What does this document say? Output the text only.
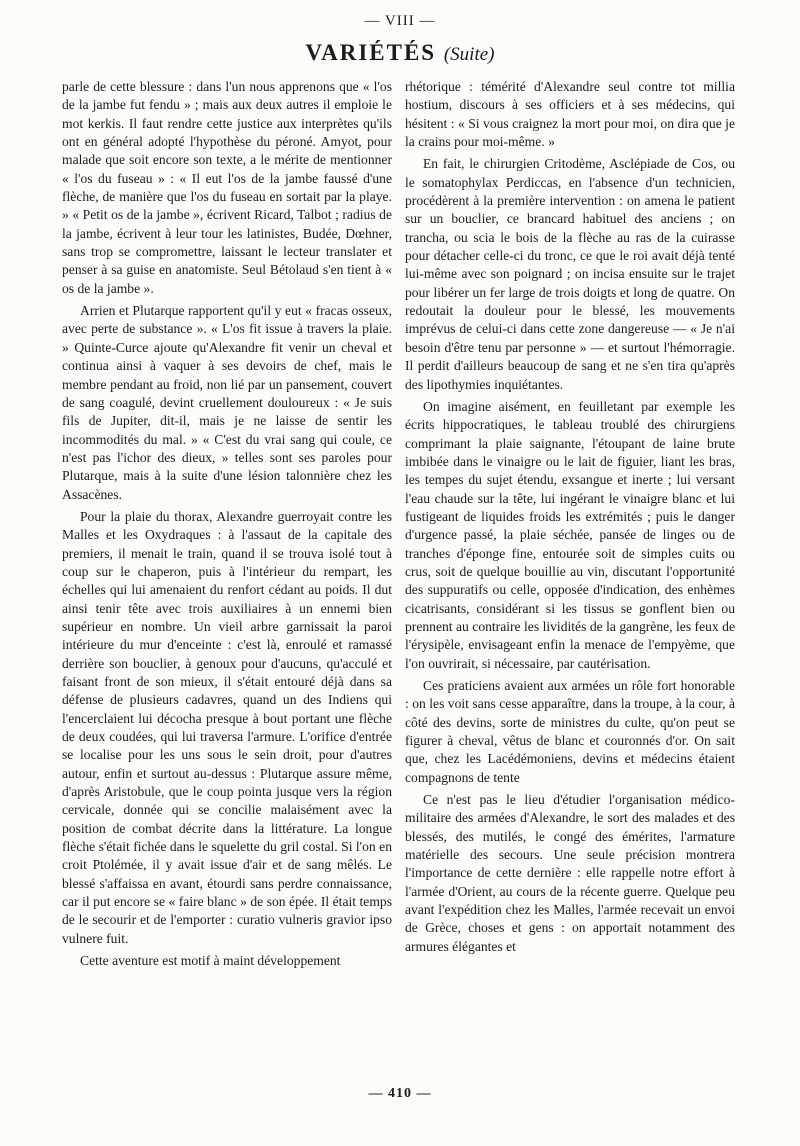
— VIII —
VARIÉTÉS (Suite)

parle de cette blessure : dans l'un nous apprenons que « l'os de la jambe fut fendu » ; mais aux deux autres il emploie le mot kerkis. Il faut rendre cette justice aux interprètes qu'ils ont en général adopté l'hypothèse du péroné. Amyot, pour malade que soit encore son texte, a le mérite de mentionner « l'os du fuseau » : « Il eut l'os de la jambe faussé d'une flèche, de manière que l'os du fuseau en sortait par la playe. » « Petit os de la jambe », écrivent Ricard, Talbot ; radius de la jambe, écrivent à leur tour les latinistes, Budée, Dœhner, sans trop se compromettre, laissant le lecteur translater et penser à sa guise en anatomiste. Seul Bétolaud s'en tient à « os de la jambe ».

Arrien et Plutarque rapportent qu'il y eut « fracas osseux, avec perte de substance ». « L'os fit issue à travers la plaie. » Quinte-Curce ajoute qu'Alexandre fit venir un cheval et continua ainsi à vaquer à ses devoirs de chef, mais le membre pendant au froid, non lié par un pansement, couvert de sang coagulé, devint cruellement douloureux : « Je suis fils de Jupiter, dit-il, mais je ne laisse de sentir les incommodités du mal. » « C'est du vrai sang qui coule, ce n'est pas l'ichor des dieux, » telles sont ses paroles pour Plutarque, mais à la suite d'une lésion talonnière chez les Assacènes.

Pour la plaie du thorax, Alexandre guerroyait contre les Malles et les Oxydraques : à l'assaut de la capitale des premiers, il menait le train, quand il se trouva isolé tout à coup sur le chaperon, puis à l'intérieur du rempart, les échelles qui lui amenaient du renfort cédant au poids. Il dut ainsi tenir tête avec trois auxiliaires à un ennemi bien supérieur en nombre. Un vieil arbre garnissait la paroi intérieure du mur d'enceinte : c'est là, enroulé et ramassé derrière son bouclier, à genoux pour d'aucuns, qu'acculé et faisant front de son mieux, il s'était entouré déjà dans sa défense de plusieurs cadavres, quand un des Indiens qui l'encerclaient lui décocha presque à bout portant une flèche de deux coudées, qui lui traversa l'armure. L'orifice d'entrée se localise pour les uns sous le sein droit, pour d'autres autour, enfin et surtout au-dessus : Plutarque assure même, d'après Aristobule, que le coup pointa jusque vers la région cervicale, donnée qui se concilie malaisément avec la position de combat décrite dans la littérature. La longue flèche s'était fichée dans le squelette du gril costal. Si l'on en croit Ptolémée, il y avait issue d'air et de sang mêlés. Le blessé s'affaissa en avant, étourdi sans perdre connaissance, car il put encore se « faire blanc » de son épée. Il était temps de le secourir et de l'emporter : curatio vulneris gravior ipso vulnere fuit.

Cette aventure est motif à maint développement

rhétorique : témérité d'Alexandre seul contre tot millia hostium, discours à ses officiers et à ses médecins, qui hésitent : « Si vous craignez la mort pour moi, on dira que je la crains pour moi-même. »

En fait, le chirurgien Critodème, Asclépiade de Cos, ou le somatophylax Perdiccas, en l'absence d'un technicien, procédèrent à la première intervention : on amena le patient sur un bouclier, ce brancard habituel des anciens ; on trancha, ou scia le bois de la flèche au ras de la cuirasse pour détacher celle-ci du tronc, ce que le roi avait déjà tenté lui-même avec son poignard ; on incisa ensuite sur le trajet pour libérer un fer large de trois doigts et long de quatre. On redoutait la douleur pour le blessé, les mouvements imprévus de celui-ci dans cette zone dangereuse — « Je n'ai besoin d'être tenu par personne » — et surtout l'hémorragie. Il perdit d'ailleurs beaucoup de sang et ne s'en tira qu'après des lipothymies inquiétantes.

On imagine aisément, en feuilletant par exemple les écrits hippocratiques, le tableau troublé des chirurgiens comprimant la plaie saignante, l'étoupant de laine brute imbibée dans le vinaigre ou le lait de figuier, liant les bras, les tempes du sujet étendu, exsangue et inerte ; lui versant l'eau chaude sur la tête, lui ingérant le vinaigre blanc et lui fustigeant de liquides froids les extrémités ; puis le danger d'urgence passé, la plaie séchée, pansée de linges ou de tranches d'éponge fine, entourée soit de simples cuits ou crus, soit de quelque bouillie au vin, discutant l'opportunité des suppuratifs ou celle, opposée d'indication, des enhèmes cicatrisants, considérant si les tissus se gonflent bien ou prennent au contraire les lividités de la gangrène, les feux de l'érysipèle, envisageant enfin la menace de l'empyème, que l'on ouvrirait, si nécessaire, par cautérisation.

Ces praticiens avaient aux armées un rôle fort honorable : on les voit sans cesse apparaître, dans la troupe, à la cour, à côté des devins, sorte de ministres du culte, qu'on peut se figurer à cheval, vêtus de blanc et couronnés d'or. On sait que, chez les Lacédémoniens, devins et médecins étaient compagnons de tente

Ce n'est pas le lieu d'étudier l'organisation médico-militaire des armées d'Alexandre, le sort des malades et des blessés, des mutilés, le congé des émérites, l'armature matérielle des secours. Une seule précision montrera l'importance de cette dernière : elle rappelle notre effort à l'armée d'Orient, au cours de la récente guerre. Quelque peu avant l'expédition chez les Malles, l'armée recevait un envoi de Grèce, choses et gens : on apportait notamment des armures élégantes et

— 410 —
